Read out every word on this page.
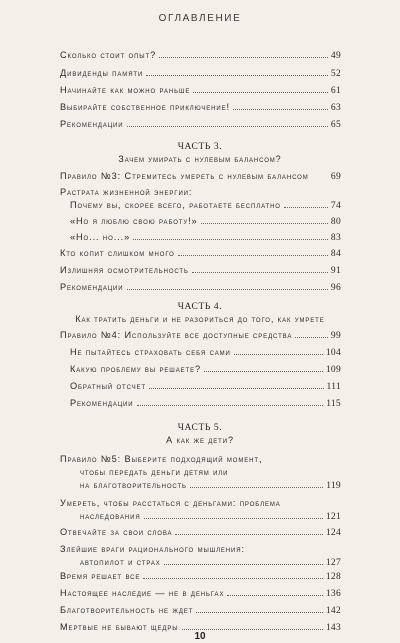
ОГЛАВЛЕНИЕ
Сколько стоит опыт?	49
Дивиденды памяти	52
Начинайте как можно раньше	61
Выбирайте собственное приключение!	63
Рекомендации	65
ЧАСТЬ 3.
Зачем умирать с нулевым балансом?
Правило №3: Стремитесь умереть с нулевым балансом 69
Растрата жизненной энергии:
Почему вы, скорее всего, работаете бесплатно	74
«Но я люблю свою работу!»	80
«Но... но...»	83
Кто копит слишком много	84
Излишняя осмотрительность	91
Рекомендации	96
ЧАСТЬ 4.
Как тратить деньги и не разориться до того, как умрете
Правило №4: Используйте все доступные средства	99
Не пытайтесь страховать себя сами	104
Какую проблему вы решаете?	109
Обратный отсчет	111
Рекомендации	115
ЧАСТЬ 5.
А как же дети?
Правило №5: Выберите подходящий момент,
чтобы передать деньги детям или
на благотворительность	119
Умереть, чтобы расстаться с деньгами: проблема
наследования	121
Отвечайте за свои слова	124
Злейшие враги рационального мышления:
автопилот и страх	127
Время решает все	128
Настоящее наследие — не в деньгах	136
Благотворительность не ждет	142
Мертвые не бывают щедры	143
10
